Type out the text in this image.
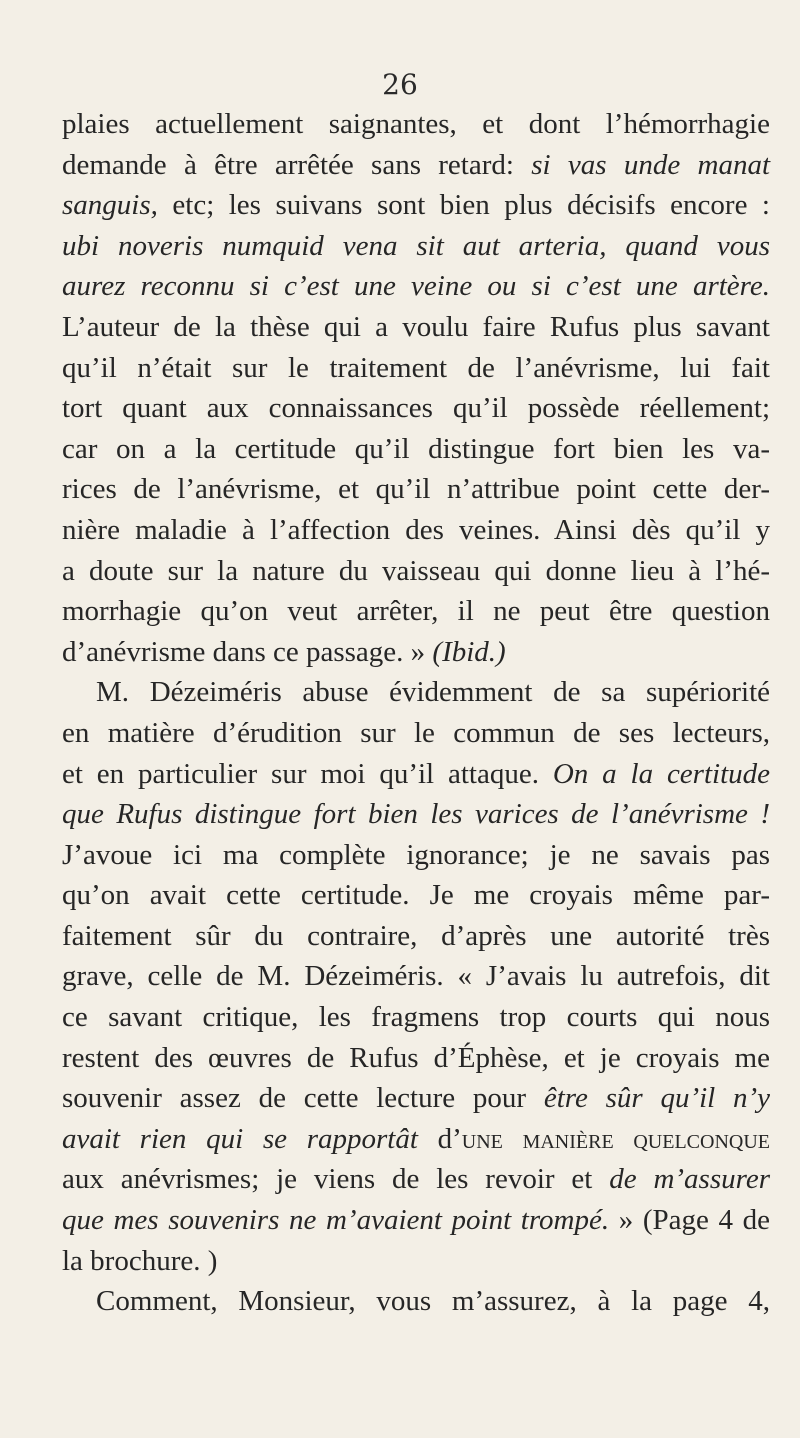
26
plaies actuellement saignantes, et dont l’hémorrhagie
demande à être arrêtée sans retard: si vas unde manat
sanguis, etc; les suivans sont bien plus décisifs encore :
ubi noveris numquid vena sit aut arteria, quand vous
aurez reconnu si c’est une veine ou si c’est une artère.
L’auteur de la thèse qui a voulu faire Rufus plus savant
qu’il n’était sur le traitement de l’anévrisme, lui fait
tort quant aux connaissances qu’il possède réellement;
car on a la certitude qu’il distingue fort bien les va-
rices de l’anévrisme, et qu’il n’attribue point cette der-
nière maladie à l’affection des veines. Ainsi dès qu’il y
a doute sur la nature du vaisseau qui donne lieu à l’hé-
morrhagie qu’on veut arrêter, il ne peut être question
d’anévrisme dans ce passage. » (Ibid.)
M. Dézeiméris abuse évidemment de sa supériorité
en matière d’érudition sur le commun de ses lecteurs,
et en particulier sur moi qu’il attaque. On a la certitude
que Rufus distingue fort bien les varices de l’anévrisme !
J’avoue ici ma complète ignorance; je ne savais pas
qu’on avait cette certitude. Je me croyais même par-
faitement sûr du contraire, d’après une autorité très
grave, celle de M. Dézeiméris. « J’avais lu autrefois, dit
ce savant critique, les fragmens trop courts qui nous
restent des œuvres de Rufus d’Éphèse, et je croyais me
souvenir assez de cette lecture pour être sûr qu’il n’y
avait rien qui se rapportât d’une manière quelconque
aux anévrismes; je viens de les revoir et de m’assurer
que mes souvenirs ne m’avaient point trompé. » (Page 4 de
la brochure. )
Comment, Monsieur, vous m’assurez, à la page 4,
